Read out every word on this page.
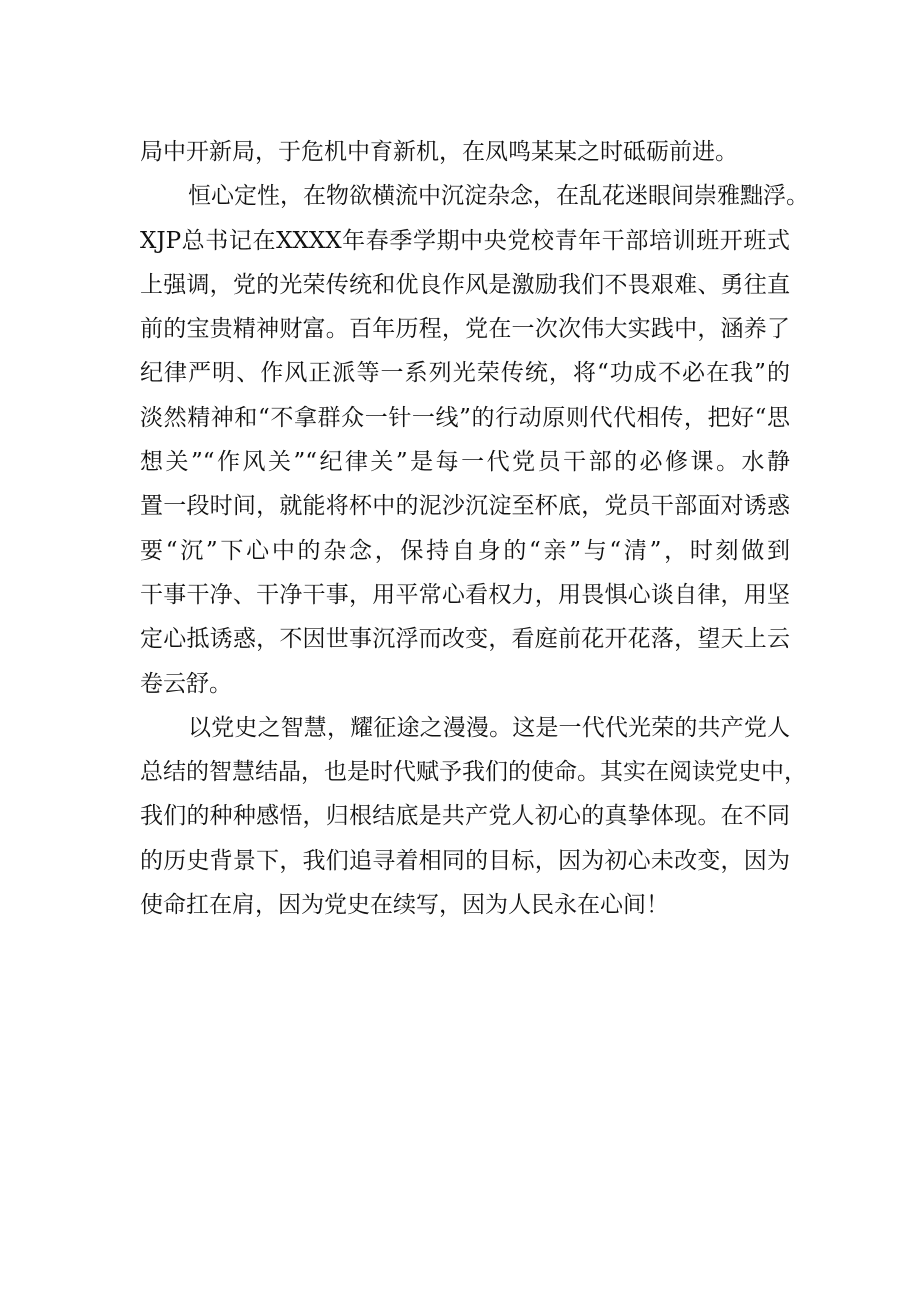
局中开新局，于危机中育新机，在凤鸣某某之时砥砺前进。
恒心定性，在物欲横流中沉淀杂念，在乱花迷眼间崇雅黜浮。
XJP总书记在XXXX年春季学期中央党校青年干部培训班开班式
上强调，党的光荣传统和优良作风是激励我们不畏艰难、勇往直
前的宝贵精神财富。百年历程，党在一次次伟大实践中，涵养了
纪律严明、作风正派等一系列光荣传统，将“功成不必在我”的
淡然精神和“不拿群众一针一线”的行动原则代代相传，把好“思
想关”“作风关”“纪律关”是每一代党员干部的必修课。水静
置一段时间，就能将杯中的泥沙沉淀至杯底，党员干部面对诱惑
要“沉”下心中的杂念，保持自身的“亲”与“清”，时刻做到
干事干净、干净干事，用平常心看权力，用畏惧心谈自律，用坚
定心抵诱惑，不因世事沉浮而改变，看庭前花开花落，望天上云
卷云舒。
以党史之智慧，耀征途之漫漫。这是一代代光荣的共产党人
总结的智慧结晶，也是时代赋予我们的使命。其实在阅读党史中，
我们的种种感悟，归根结底是共产党人初心的真挚体现。在不同
的历史背景下，我们追寻着相同的目标，因为初心未改变，因为
使命扛在肩，因为党史在续写，因为人民永在心间！
